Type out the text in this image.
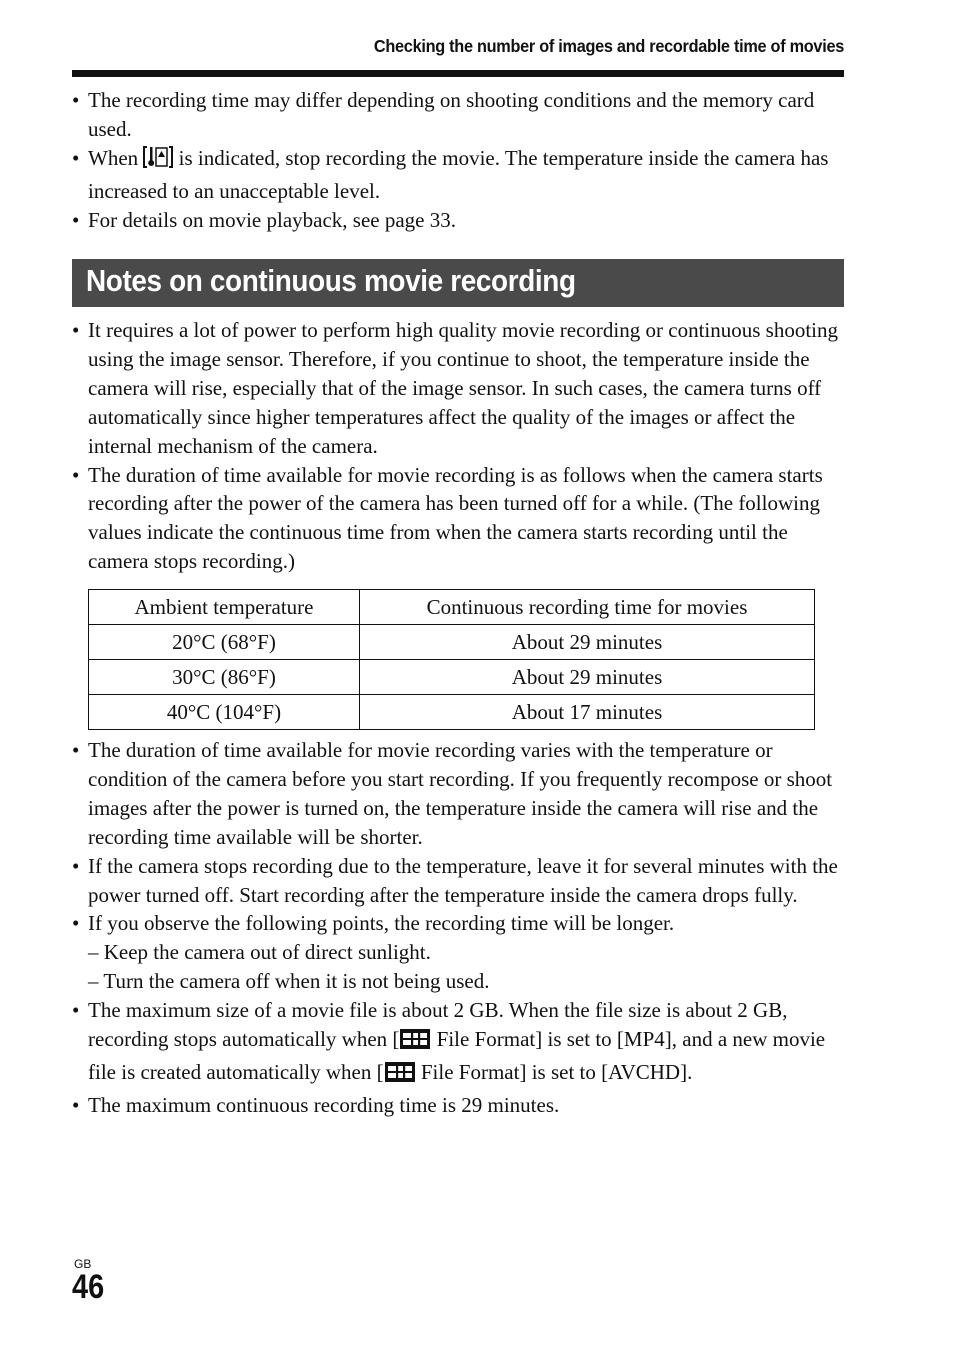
Checking the number of images and recordable time of movies
• The recording time may differ depending on shooting conditions and the memory card used.
• When  is indicated, stop recording the movie. The temperature inside the camera has increased to an unacceptable level.
• For details on movie playback, see page 33.
Notes on continuous movie recording
• It requires a lot of power to perform high quality movie recording or continuous shooting using the image sensor. Therefore, if you continue to shoot, the temperature inside the camera will rise, especially that of the image sensor. In such cases, the camera turns off automatically since higher temperatures affect the quality of the images or affect the internal mechanism of the camera.
• The duration of time available for movie recording is as follows when the camera starts recording after the power of the camera has been turned off for a while. (The following values indicate the continuous time from when the camera starts recording until the camera stops recording.)
Ambient temperature	Continuous recording time for movies
20°C (68°F)	About 29 minutes
30°C (86°F)	About 29 minutes
40°C (104°F)	About 17 minutes
• The duration of time available for movie recording varies with the temperature or condition of the camera before you start recording. If you frequently recompose or shoot images after the power is turned on, the temperature inside the camera will rise and the recording time available will be shorter.
• If the camera stops recording due to the temperature, leave it for several minutes with the power turned off. Start recording after the temperature inside the camera drops fully.
• If you observe the following points, the recording time will be longer.
– Keep the camera out of direct sunlight.
– Turn the camera off when it is not being used.
• The maximum size of a movie file is about 2 GB. When the file size is about 2 GB, recording stops automatically when [ File Format] is set to [MP4], and a new movie file is created automatically when [ File Format] is set to [AVCHD].
• The maximum continuous recording time is 29 minutes.
GB
46
